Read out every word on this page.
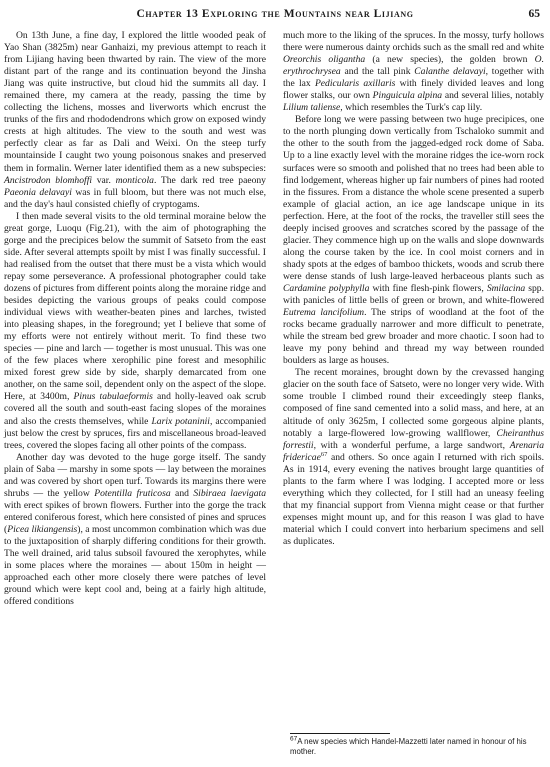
Chapter 13 Exploring the Mountains near Lijiang	65

On 13th June, a fine day, I explored the little wooded peak of Yao Shan (3825m) near Ganhaizi, my previous attempt to reach it from Lijiang having been thwarted by rain. The view of the more distant part of the range and its continuation beyond the Jinsha Jiang was quite instructive, but cloud hid the summits all day. I remained there, my camera at the ready, passing the time by collecting the lichens, mosses and liverworts which encrust the trunks of the firs and rhododendrons which grow on exposed windy crests at high altitudes. The view to the south and west was perfectly clear as far as Dali and Weixi. On the steep turfy mountainside I caught two young poisonous snakes and preserved them in formalin. Werner later identified them as a new subspecies: Ancistrodon blomhoffi var. monticola. The dark red tree paeony Paeonia delavayi was in full bloom, but there was not much else, and the day's haul consisted chiefly of cryptogams.

I then made several visits to the old terminal moraine below the great gorge, Luoqu (Fig.21), with the aim of photographing the gorge and the precipices below the summit of Satseto from the east side. After several attempts spoilt by mist I was finally successful. I had realised from the outset that there must be a vista which would repay some perseverance. A professional photographer could take dozens of pictures from different points along the moraine ridge and besides depicting the various groups of peaks could compose individual views with weather-beaten pines and larches, twisted into pleasing shapes, in the foreground; yet I believe that some of my efforts were not entirely without merit. To find these two species — pine and larch — together is most unusual. This was one of the few places where xerophilic pine forest and mesophilic mixed forest grew side by side, sharply demarcated from one another, on the same soil, dependent only on the aspect of the slope. Here, at 3400m, Pinus tabulaeformis and holly-leaved oak scrub covered all the south and south-east facing slopes of the moraines and also the crests themselves, while Larix potaninii, accompanied just below the crest by spruces, firs and miscellaneous broad-leaved trees, covered the slopes facing all other points of the compass.

Another day was devoted to the huge gorge itself. The sandy plain of Saba — marshy in some spots — lay between the moraines and was covered by short open turf. Towards its margins there were shrubs — the yellow Potentilla fruticosa and Sibiraea laevigata with erect spikes of brown flowers. Further into the gorge the track entered coniferous forest, which here consisted of pines and spruces (Picea likiangensis), a most uncommon combination which was due to the juxtaposition of sharply differing conditions for their growth. The well drained, arid talus subsoil favoured the xerophytes, while in some places where the moraines — about 150m in height — approached each other more closely there were patches of level ground which were kept cool and, being at a fairly high altitude, offered conditions

much more to the liking of the spruces. In the mossy, turfy hollows there were numerous dainty orchids such as the small red and white Oreorchis oligantha (a new species), the golden brown O. erythrochrysea and the tall pink Calanthe delavayi, together with the lax Pedicularis axillaris with finely divided leaves and long flower stalks, our own Pinguicula alpina and several lilies, notably Lilium taliense, which resembles the Turk's cap lily.

Before long we were passing between two huge precipices, one to the north plunging down vertically from Tschaloko summit and the other to the south from the jagged-edged rock dome of Saba. Up to a line exactly level with the moraine ridges the ice-worn rock surfaces were so smooth and polished that no trees had been able to find lodgement, whereas higher up fair numbers of pines had rooted in the fissures. From a distance the whole scene presented a superb example of glacial action, an ice age landscape unique in its perfection. Here, at the foot of the rocks, the traveller still sees the deeply incised grooves and scratches scored by the passage of the glacier. They commence high up on the walls and slope downwards along the course taken by the ice. In cool moist corners and in shady spots at the edges of bamboo thickets, woods and scrub there were dense stands of lush large-leaved herbaceous plants such as Cardamine polyphylla with fine flesh-pink flowers, Smilacina spp. with panicles of little bells of green or brown, and white-flowered Eutrema lancifolium. The strips of woodland at the foot of the rocks became gradually narrower and more difficult to penetrate, while the stream bed grew broader and more chaotic. I soon had to leave my pony behind and thread my way between rounded boulders as large as houses.

The recent moraines, brought down by the crevassed hanging glacier on the south face of Satseto, were no longer very wide. With some trouble I climbed round their exceedingly steep flanks, composed of fine sand cemented into a solid mass, and here, at an altitude of only 3625m, I collected some gorgeous alpine plants, notably a large-flowered low-growing wallflower, Cheiranthus forrestii, with a wonderful perfume, a large sandwort, Arenaria fridericae$^{67}$ and others. So once again I returned with rich spoils. As in 1914, every evening the natives brought large quantities of plants to the farm where I was lodging. I accepted more or less everything which they collected, for I still had an uneasy feeling that my financial support from Vienna might cease or that further expenses might mount up, and for this reason I was glad to have material which I could convert into herbarium specimens and sell as duplicates.

$^{67}$A new species which Handel-Mazzetti later named in honour of his mother.
